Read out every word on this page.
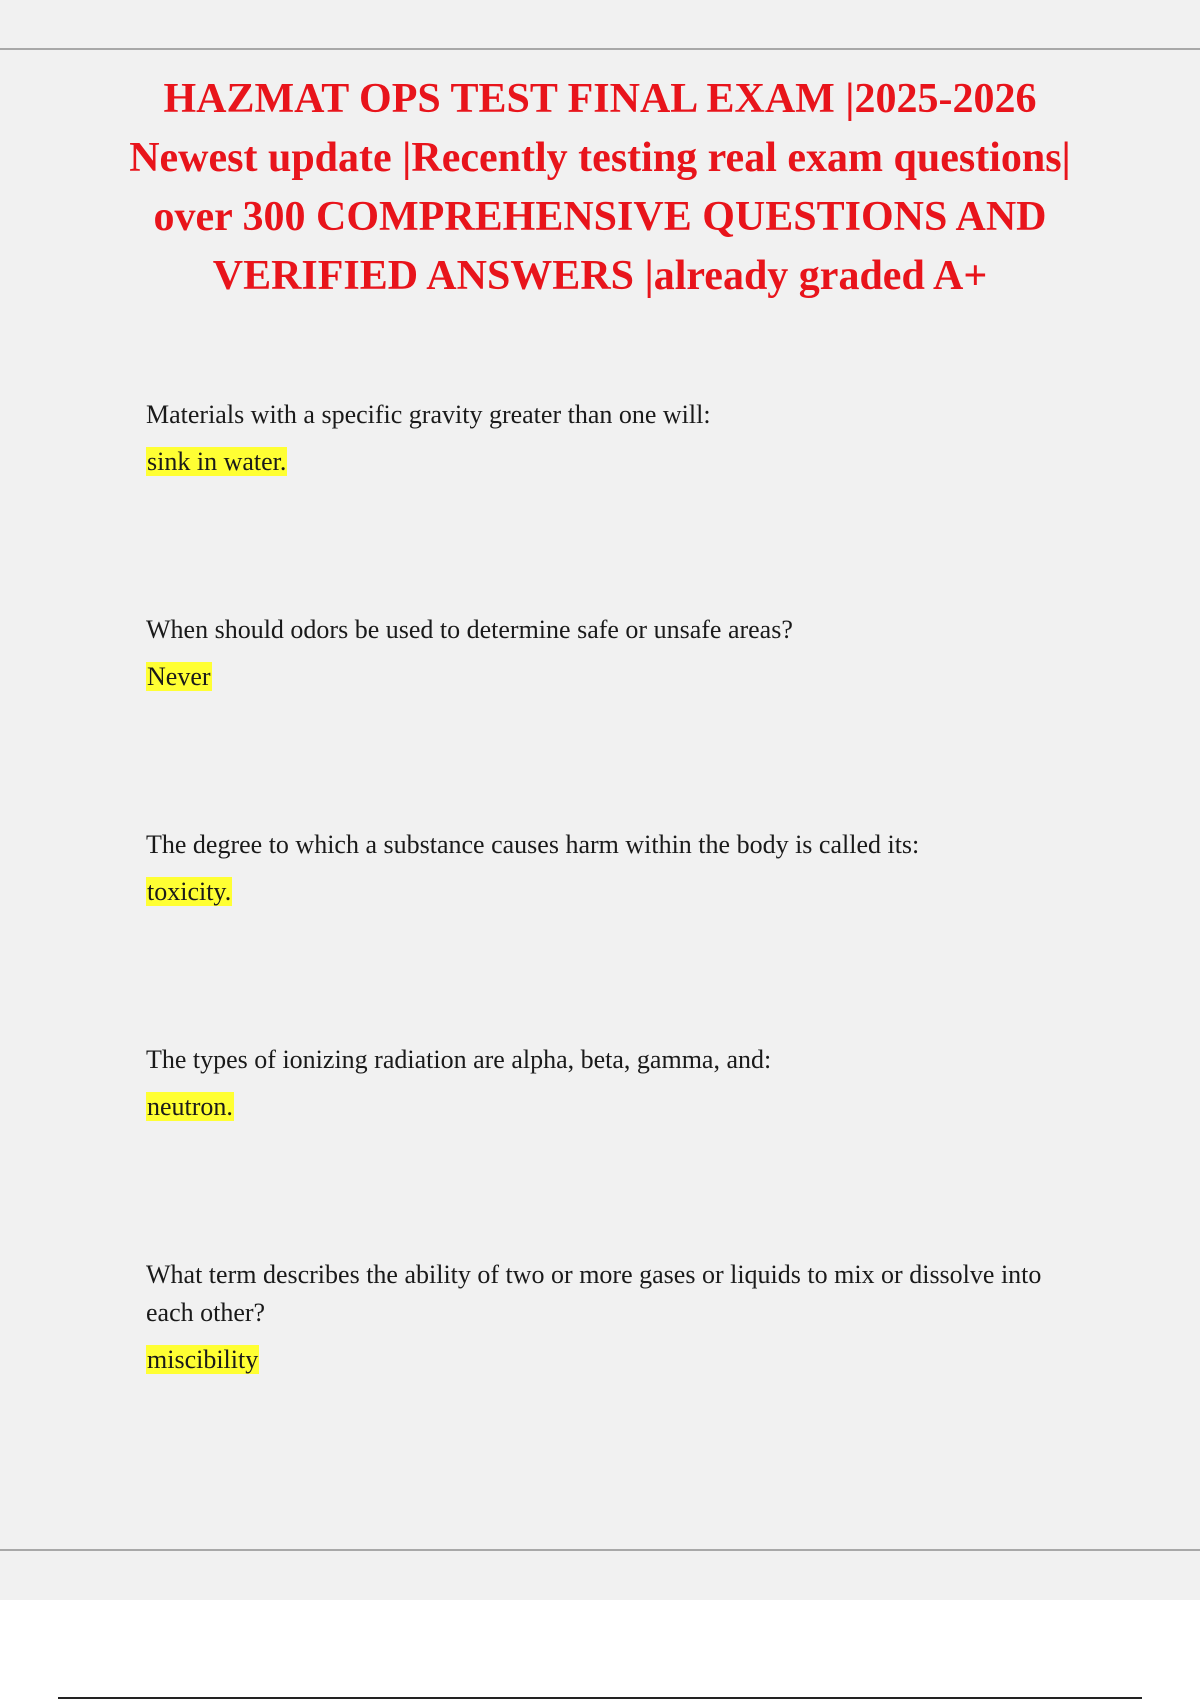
HAZMAT OPS TEST FINAL EXAM |2025-2026 Newest update |Recently testing real exam questions| over 300 COMPREHENSIVE QUESTIONS AND VERIFIED ANSWERS |already graded A+

Materials with a specific gravity greater than one will:

sink in water.

When should odors be used to determine safe or unsafe areas?

Never

The degree to which a substance causes harm within the body is called its:

toxicity.

The types of ionizing radiation are alpha, beta, gamma, and:

neutron.

What term describes the ability of two or more gases or liquids to mix or dissolve into each other?

miscibility
